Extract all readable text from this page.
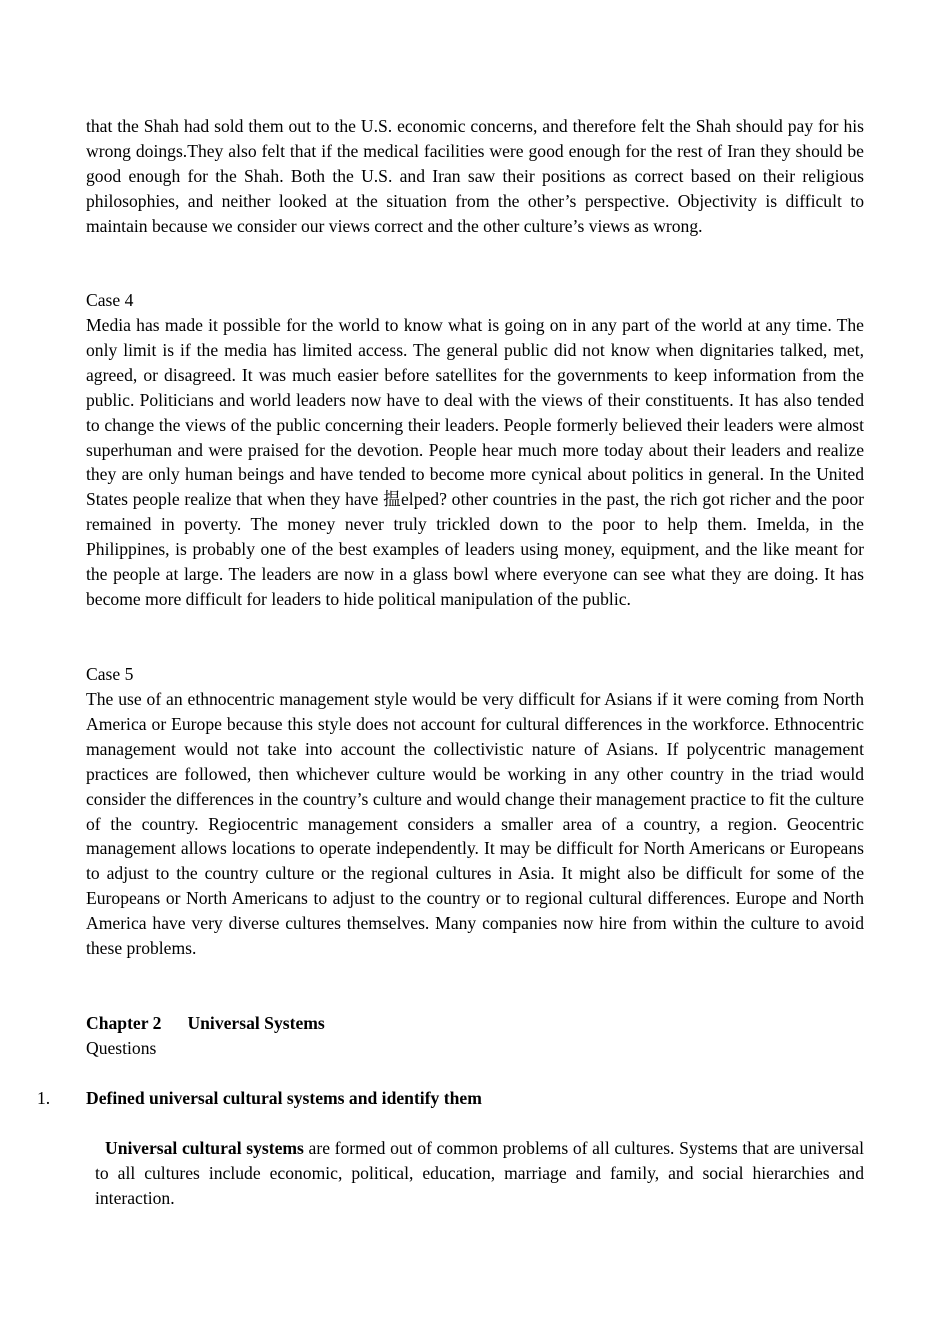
that the Shah had sold them out to the U.S. economic concerns, and therefore felt the Shah should pay for his wrong doings.They also felt that if the medical facilities were good enough for the rest of Iran they should be good enough for the Shah. Both the U.S. and Iran saw their positions as correct based on their religious philosophies, and neither looked at the situation from the other’s perspective. Objectivity is difficult to maintain because we consider our views correct and the other culture’s views as wrong.
Case 4
Media has made it possible for the world to know what is going on in any part of the world at any time. The only limit is if the media has limited access. The general public did not know when dignitaries talked, met, agreed, or disagreed. It was much easier before satellites for the governments to keep information from the public. Politicians and world leaders now have to deal with the views of their constituents. It has also tended to change the views of the public concerning their leaders. People formerly believed their leaders were almost superhuman and were praised for the devotion. People hear much more today about their leaders and realize they are only human beings and have tended to become more cynical about politics in general. In the United States people realize that when they have 揾elped? other countries in the past, the rich got richer and the poor remained in poverty. The money never truly trickled down to the poor to help them. Imelda, in the Philippines, is probably one of the best examples of leaders using money, equipment, and the like meant for the people at large. The leaders are now in a glass bowl where everyone can see what they are doing. It has become more difficult for leaders to hide political manipulation of the public.
Case 5
The use of an ethnocentric management style would be very difficult for Asians if it were coming from North America or Europe because this style does not account for cultural differences in the workforce. Ethnocentric management would not take into account the collectivistic nature of Asians. If polycentric management practices are followed, then whichever culture would be working in any other country in the triad would consider the differences in the country’s culture and would change their management practice to fit the culture of the country. Regiocentric management considers a smaller area of a country, a region. Geocentric management allows locations to operate independently. It may be difficult for North Americans or Europeans to adjust to the country culture or the regional cultures in Asia. It might also be difficult for some of the Europeans or North Americans to adjust to the country or to regional cultural differences. Europe and North America have very diverse cultures themselves. Many companies now hire from within the culture to avoid these problems.
Chapter 2 Universal Systems
Questions
1. Defined universal cultural systems and identify them
Universal cultural systems are formed out of common problems of all cultures. Systems that are universal to all cultures include economic, political, education, marriage and family, and social hierarchies and interaction.
